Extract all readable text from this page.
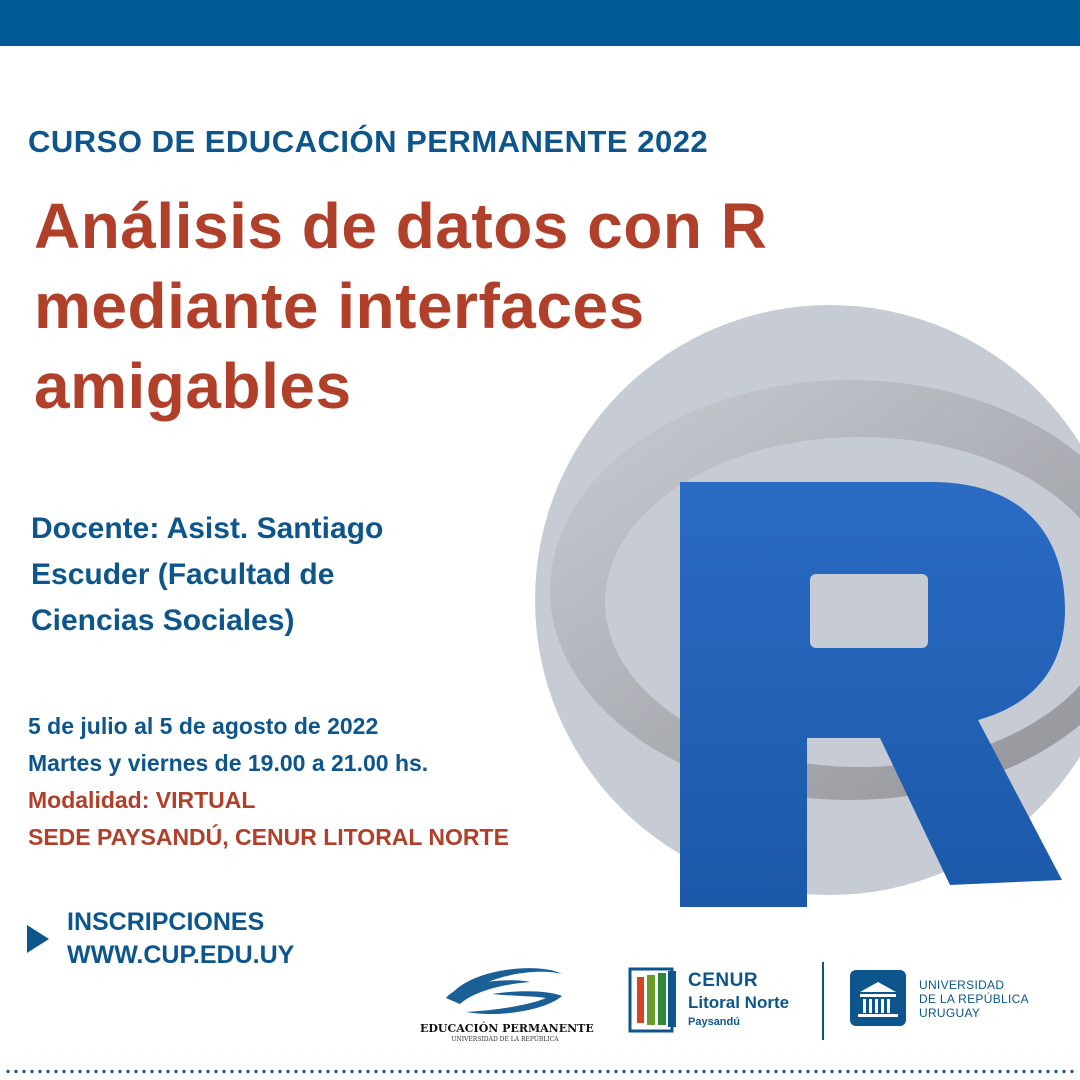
CURSO DE EDUCACIÓN PERMANENTE 2022
Análisis de datos con R
mediante interfaces
amigables
Docente: Asist. Santiago
Escuder (Facultad de
Ciencias Sociales)
5 de julio al 5 de agosto de 2022
Martes y viernes de 19.00 a 21.00 hs.
Modalidad: VIRTUAL
SEDE PAYSANDÚ, CENUR LITORAL NORTE
INSCRIPCIONES
WWW.CUP.EDU.UY
EDUCACIÓN PERMANENTE
UNIVERSIDAD DE LA REPÚBLICA
CENUR
Litoral Norte
Paysandú
UNIVERSIDAD
DE LA REPÚBLICA
URUGUAY
